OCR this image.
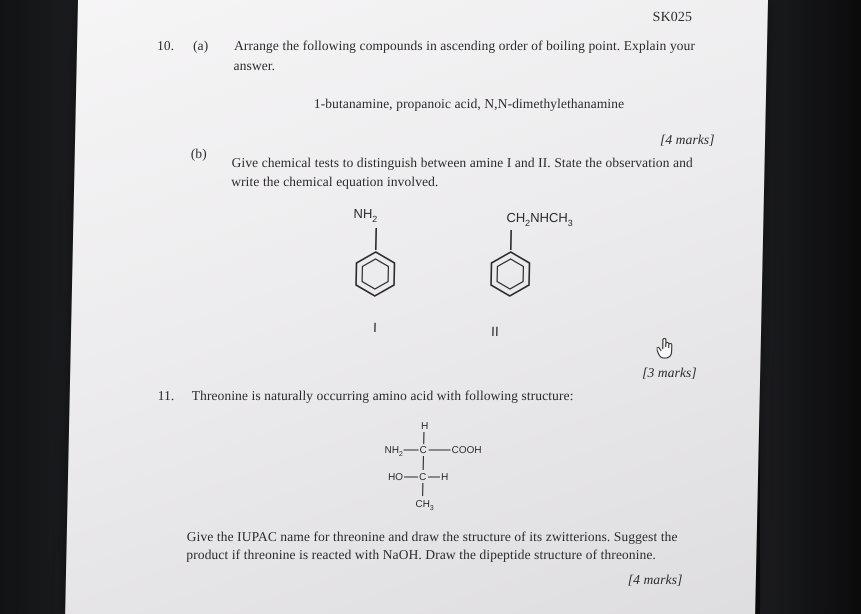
SK025
10. (a) Arrange the following compounds in ascending order of boiling point. Explain your
answer.
1-butanamine, propanoic acid, N,N-dimethylethanamine
[4 marks]
(b)
Give chemical tests to distinguish between amine I and II. State the observation and
write the chemical equation involved.
$NH_2$
I
$CH_2NHCH_3$
II
[3 marks]
11. Threonine is naturally occurring amino acid with following structure:
H
$NH_2$ C COOH
HO C H
$CH_3$
Give the IUPAC name for threonine and draw the structure of its zwitterions. Suggest the
product if threonine is reacted with NaOH. Draw the dipeptide structure of threonine.
[4 marks]
